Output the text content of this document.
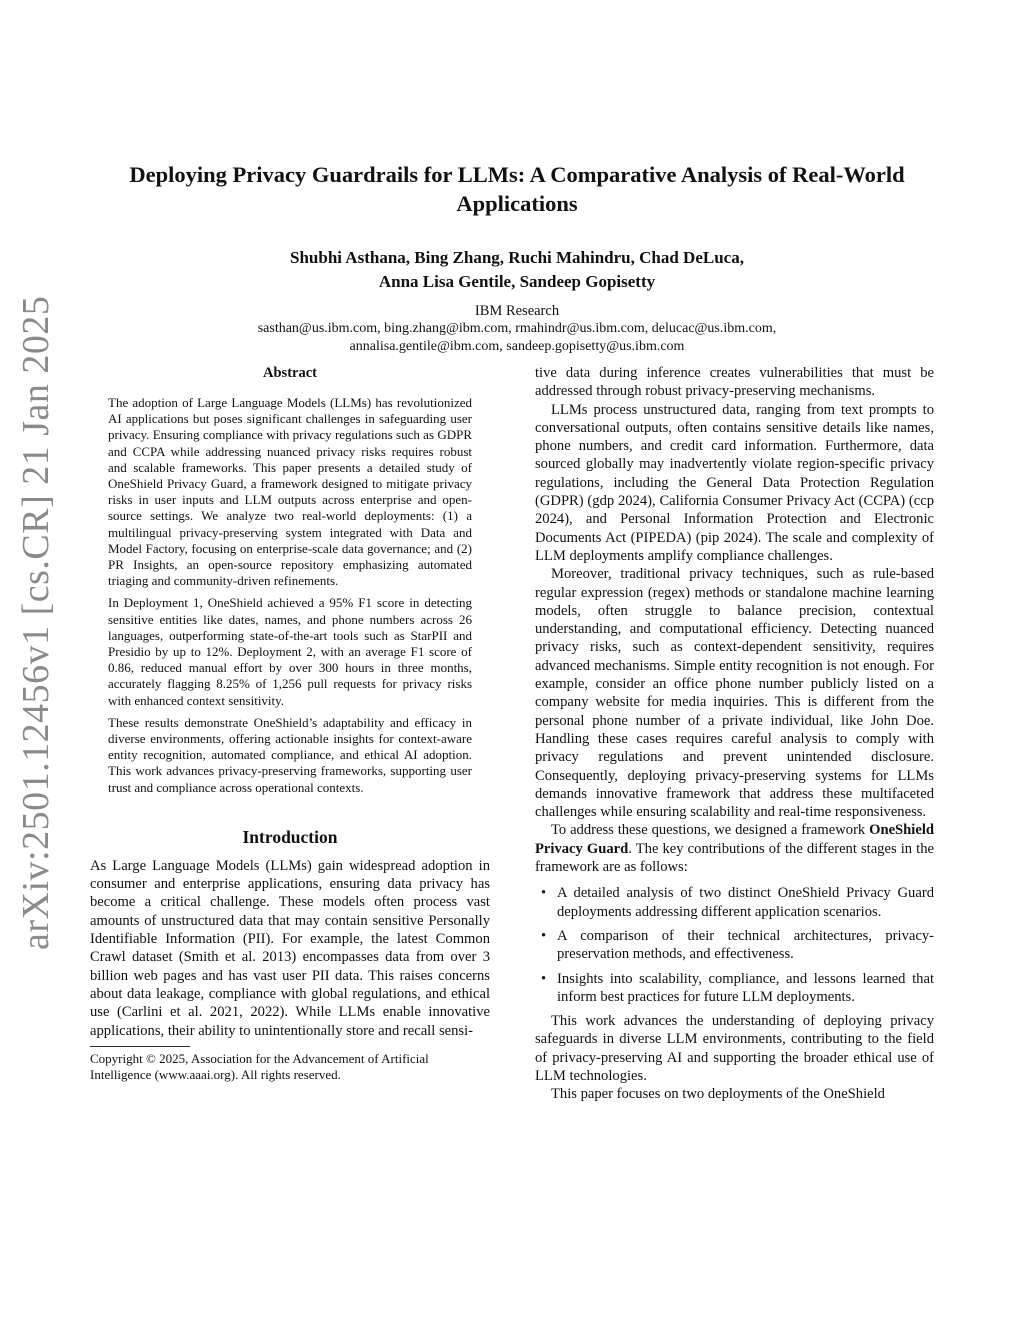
arXiv:2501.12456v1 [cs.CR] 21 Jan 2025
Deploying Privacy Guardrails for LLMs: A Comparative Analysis of Real-World
Applications
Shubhi Asthana, Bing Zhang, Ruchi Mahindru, Chad DeLuca,
Anna Lisa Gentile, Sandeep Gopisetty
IBM Research
sasthan@us.ibm.com, bing.zhang@ibm.com, rmahindr@us.ibm.com, delucac@us.ibm.com,
annalisa.gentile@ibm.com, sandeep.gopisetty@us.ibm.com
Abstract

The adoption of Large Language Models (LLMs) has revolutionized AI applications but poses significant challenges in safeguarding user privacy. Ensuring compliance with privacy regulations such as GDPR and CCPA while addressing nuanced privacy risks requires robust and scalable frameworks. This paper presents a detailed study of OneShield Privacy Guard, a framework designed to mitigate privacy risks in user inputs and LLM outputs across enterprise and open-source settings. We analyze two real-world deployments: (1) a multilingual privacy-preserving system integrated with Data and Model Factory, focusing on enterprise-scale data governance; and (2) PR Insights, an open-source repository emphasizing automated triaging and community-driven refinements.

In Deployment 1, OneShield achieved a 95% F1 score in detecting sensitive entities like dates, names, and phone numbers across 26 languages, outperforming state-of-the-art tools such as StarPII and Presidio by up to 12%. Deployment 2, with an average F1 score of 0.86, reduced manual effort by over 300 hours in three months, accurately flagging 8.25% of 1,256 pull requests for privacy risks with enhanced context sensitivity.

These results demonstrate OneShield’s adaptability and efficacy in diverse environments, offering actionable insights for context-aware entity recognition, automated compliance, and ethical AI adoption. This work advances privacy-preserving frameworks, supporting user trust and compliance across operational contexts.

Introduction

As Large Language Models (LLMs) gain widespread adoption in consumer and enterprise applications, ensuring data privacy has become a critical challenge. These models often process vast amounts of unstructured data that may contain sensitive Personally Identifiable Information (PII). For example, the latest Common Crawl dataset (Smith et al. 2013) encompasses data from over 3 billion web pages and has vast user PII data. This raises concerns about data leakage, compliance with global regulations, and ethical use (Carlini et al. 2021, 2022). While LLMs enable innovative applications, their ability to unintentionally store and recall sensi-

Copyright © 2025, Association for the Advancement of Artificial Intelligence (www.aaai.org). All rights reserved.

tive data during inference creates vulnerabilities that must be addressed through robust privacy-preserving mechanisms.

LLMs process unstructured data, ranging from text prompts to conversational outputs, often contains sensitive details like names, phone numbers, and credit card information. Furthermore, data sourced globally may inadvertently violate region-specific privacy regulations, including the General Data Protection Regulation (GDPR) (gdp 2024), California Consumer Privacy Act (CCPA) (ccp 2024), and Personal Information Protection and Electronic Documents Act (PIPEDA) (pip 2024). The scale and complexity of LLM deployments amplify compliance challenges.

Moreover, traditional privacy techniques, such as rule-based regular expression (regex) methods or standalone machine learning models, often struggle to balance precision, contextual understanding, and computational efficiency. Detecting nuanced privacy risks, such as context-dependent sensitivity, requires advanced mechanisms. Simple entity recognition is not enough. For example, consider an office phone number publicly listed on a company website for media inquiries. This is different from the personal phone number of a private individual, like John Doe. Handling these cases requires careful analysis to comply with privacy regulations and prevent unintended disclosure. Consequently, deploying privacy-preserving systems for LLMs demands innovative framework that address these multifaceted challenges while ensuring scalability and real-time responsiveness.

To address these questions, we designed a framework OneShield Privacy Guard. The key contributions of the different stages in the framework are as follows:

• A detailed analysis of two distinct OneShield Privacy Guard deployments addressing different application scenarios.
• A comparison of their technical architectures, privacy-preservation methods, and effectiveness.
• Insights into scalability, compliance, and lessons learned that inform best practices for future LLM deployments.

This work advances the understanding of deploying privacy safeguards in diverse LLM environments, contributing to the field of privacy-preserving AI and supporting the broader ethical use of LLM technologies.

This paper focuses on two deployments of the OneShield
